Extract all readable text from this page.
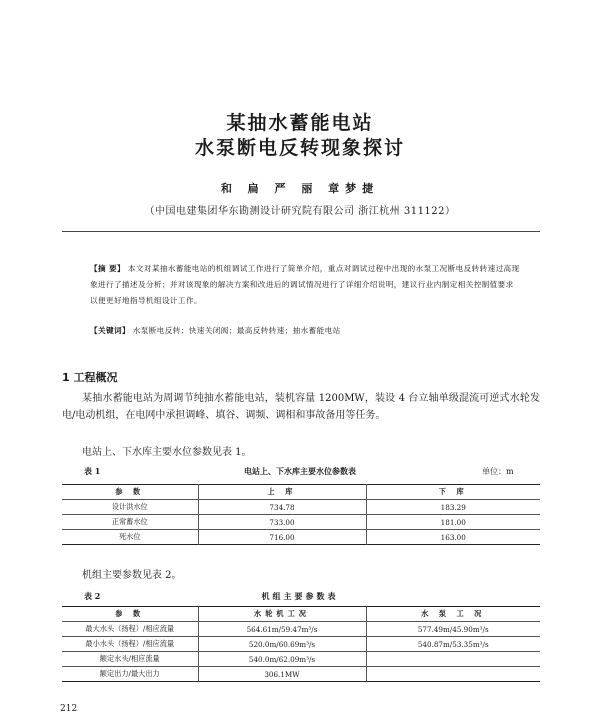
某抽水蓄能电站
水泵断电反转现象探讨
和 扁 严 丽 章梦捷
（中国电建集团华东勘测设计研究院有限公司 浙江杭州 311122）
【摘 要】 本文对某抽水蓄能电站的机组调试工作进行了简单介绍，重点对调试过程中出现的水泵工况断电反转转速过高现象进行了描述及分析；并对该现象的解决方案和改进后的调试情况进行了详细介绍说明，建议行业内制定相关控制值要求以便更好地指导机组设计工作。
【关键词】 水泵断电反转；快速关闭阀；最高反转转速；抽水蓄能电站
1 工程概况
某抽水蓄能电站为周调节纯抽水蓄能电站，装机容量 1200MW，装设 4 台立轴单级混流可逆式水轮发电/电动机组，在电网中承担调峰、填谷、调频、调相和事故备用等任务。
电站上、下水库主要水位参数见表 1。
表 1	电站上、下水库主要水位参数表	单位：m
参 数	上 库	下 库
设计洪水位	734.78	183.29
正常蓄水位	733.00	181.00
死水位	716.00	163.00
机组主要参数见表 2。
表 2	机组主要参数表
参 数	水轮机工况	水 泵 工 况
最大水头（扬程）/相应流量	564.61m/59.47m³/s	577.49m/45.90m³/s
最小水头（扬程）/相应流量	520.0m/60.69m³/s	540.87m/53.35m³/s
额定水头/相应流量	540.0m/62.09m³/s	
额定出力/最大出力	306.1MW	
212
